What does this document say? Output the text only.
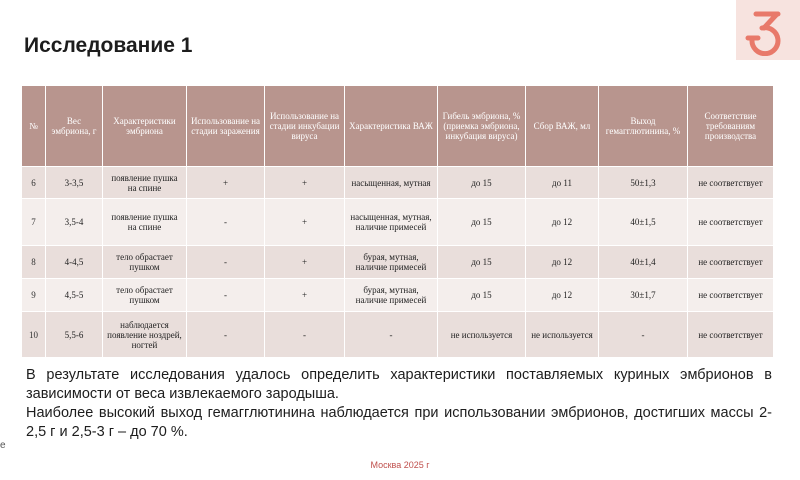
Исследование 1
№	Вес эмбриона, г	Характеристики эмбриона	Использование на стадии заражения	Использование на стадии инкубации вируса	Характеристика ВАЖ	Гибель эмбриона, % (приемка эмбриона, инкубация вируса)	Сбор ВАЖ, мл	Выход гемагглютинина, %	Соответствие требованиям производства
6	3-3,5	появление пушка на спине	+	+	насыщенная, мутная	до 15	до 11	50±1,3	не соответствует
7	3,5-4	появление пушка на спине	-	+	насыщенная, мутная, наличие примесей	до 15	до 12	40±1,5	не соответствует
8	4-4,5	тело обрастает пушком	-	+	бурая, мутная, наличие примесей	до 15	до 12	40±1,4	не соответствует
9	4,5-5	тело обрастает пушком	-	+	бурая, мутная, наличие примесей	до 15	до 12	30±1,7	не соответствует
10	5,5-6	наблюдается появление ноздрей, ногтей	-	-	-	не используется	не используется	-	не соответствует

В результате исследования удалось определить характеристики поставляемых куриных эмбрионов в зависимости от веса извлекаемого зародыша.

Наиболее высокий выход гемагглютинина наблюдается при использовании эмбрионов, достигших массы 2-2,5 г и 2,5-3 г – до 70 %.

e
Москва 2025 г
